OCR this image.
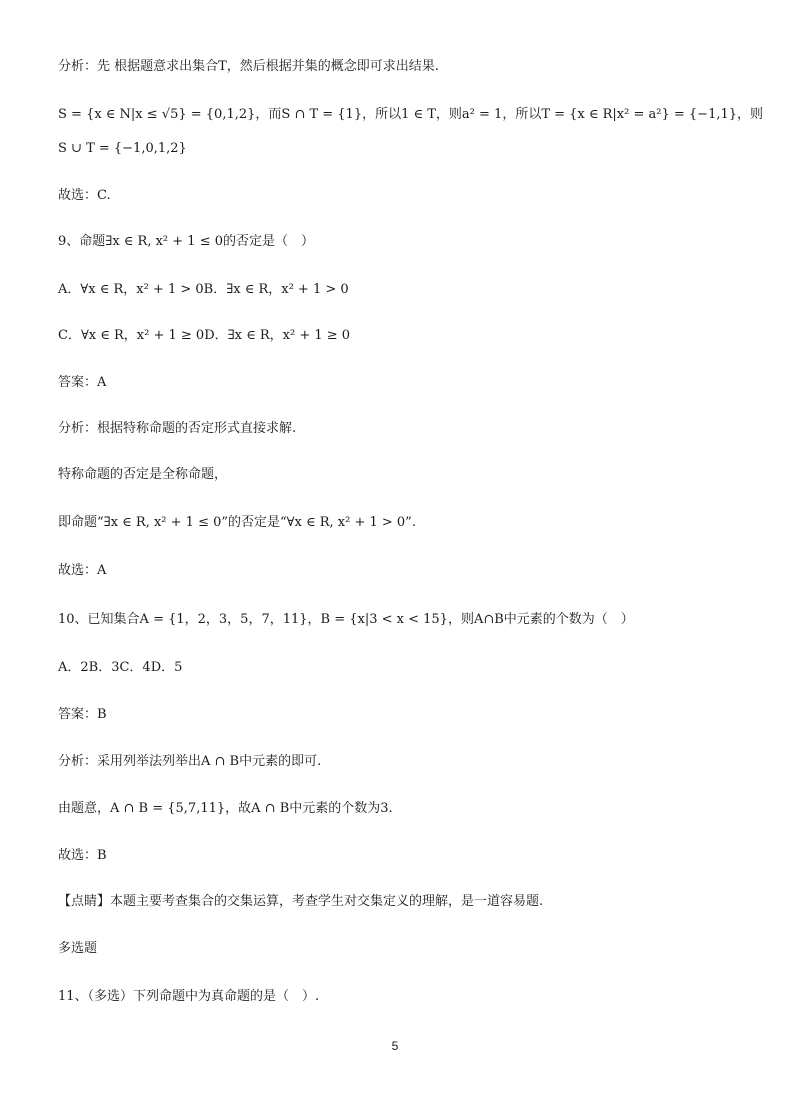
分析：先 根据题意求出集合T，然后根据并集的概念即可求出结果.
S = {x ∈ N|x ≤ √5} = {0,1,2}，而S ∩ T = {1}，所以1 ∈ T，则a² = 1，所以T = {x ∈ R|x² = a²} = {−1,1}，则
S ∪ T = {−1,0,1,2}
故选：C.
9、命题∃x ∈ R, x² + 1 ≤ 0的否定是（　）
A．∀x ∈ R，x² + 1 > 0B．∃x ∈ R，x² + 1 > 0
C．∀x ∈ R，x² + 1 ≥ 0D．∃x ∈ R，x² + 1 ≥ 0
答案：A
分析：根据特称命题的否定形式直接求解.
特称命题的否定是全称命题，
即命题“∃x ∈ R, x² + 1 ≤ 0”的否定是“∀x ∈ R, x² + 1 > 0”.
故选：A
10、已知集合A = {1，2，3，5，7，11}，B = {x|3 < x < 15}，则A∩B中元素的个数为（　）
A．2B．3C．4D．5
答案：B
分析：采用列举法列举出A ∩ B中元素的即可.
由题意，A ∩ B = {5,7,11}，故A ∩ B中元素的个数为3.
故选：B
【点睛】本题主要考查集合的交集运算，考查学生对交集定义的理解，是一道容易题.
多选题
11、（多选）下列命题中为真命题的是（　）.
5
